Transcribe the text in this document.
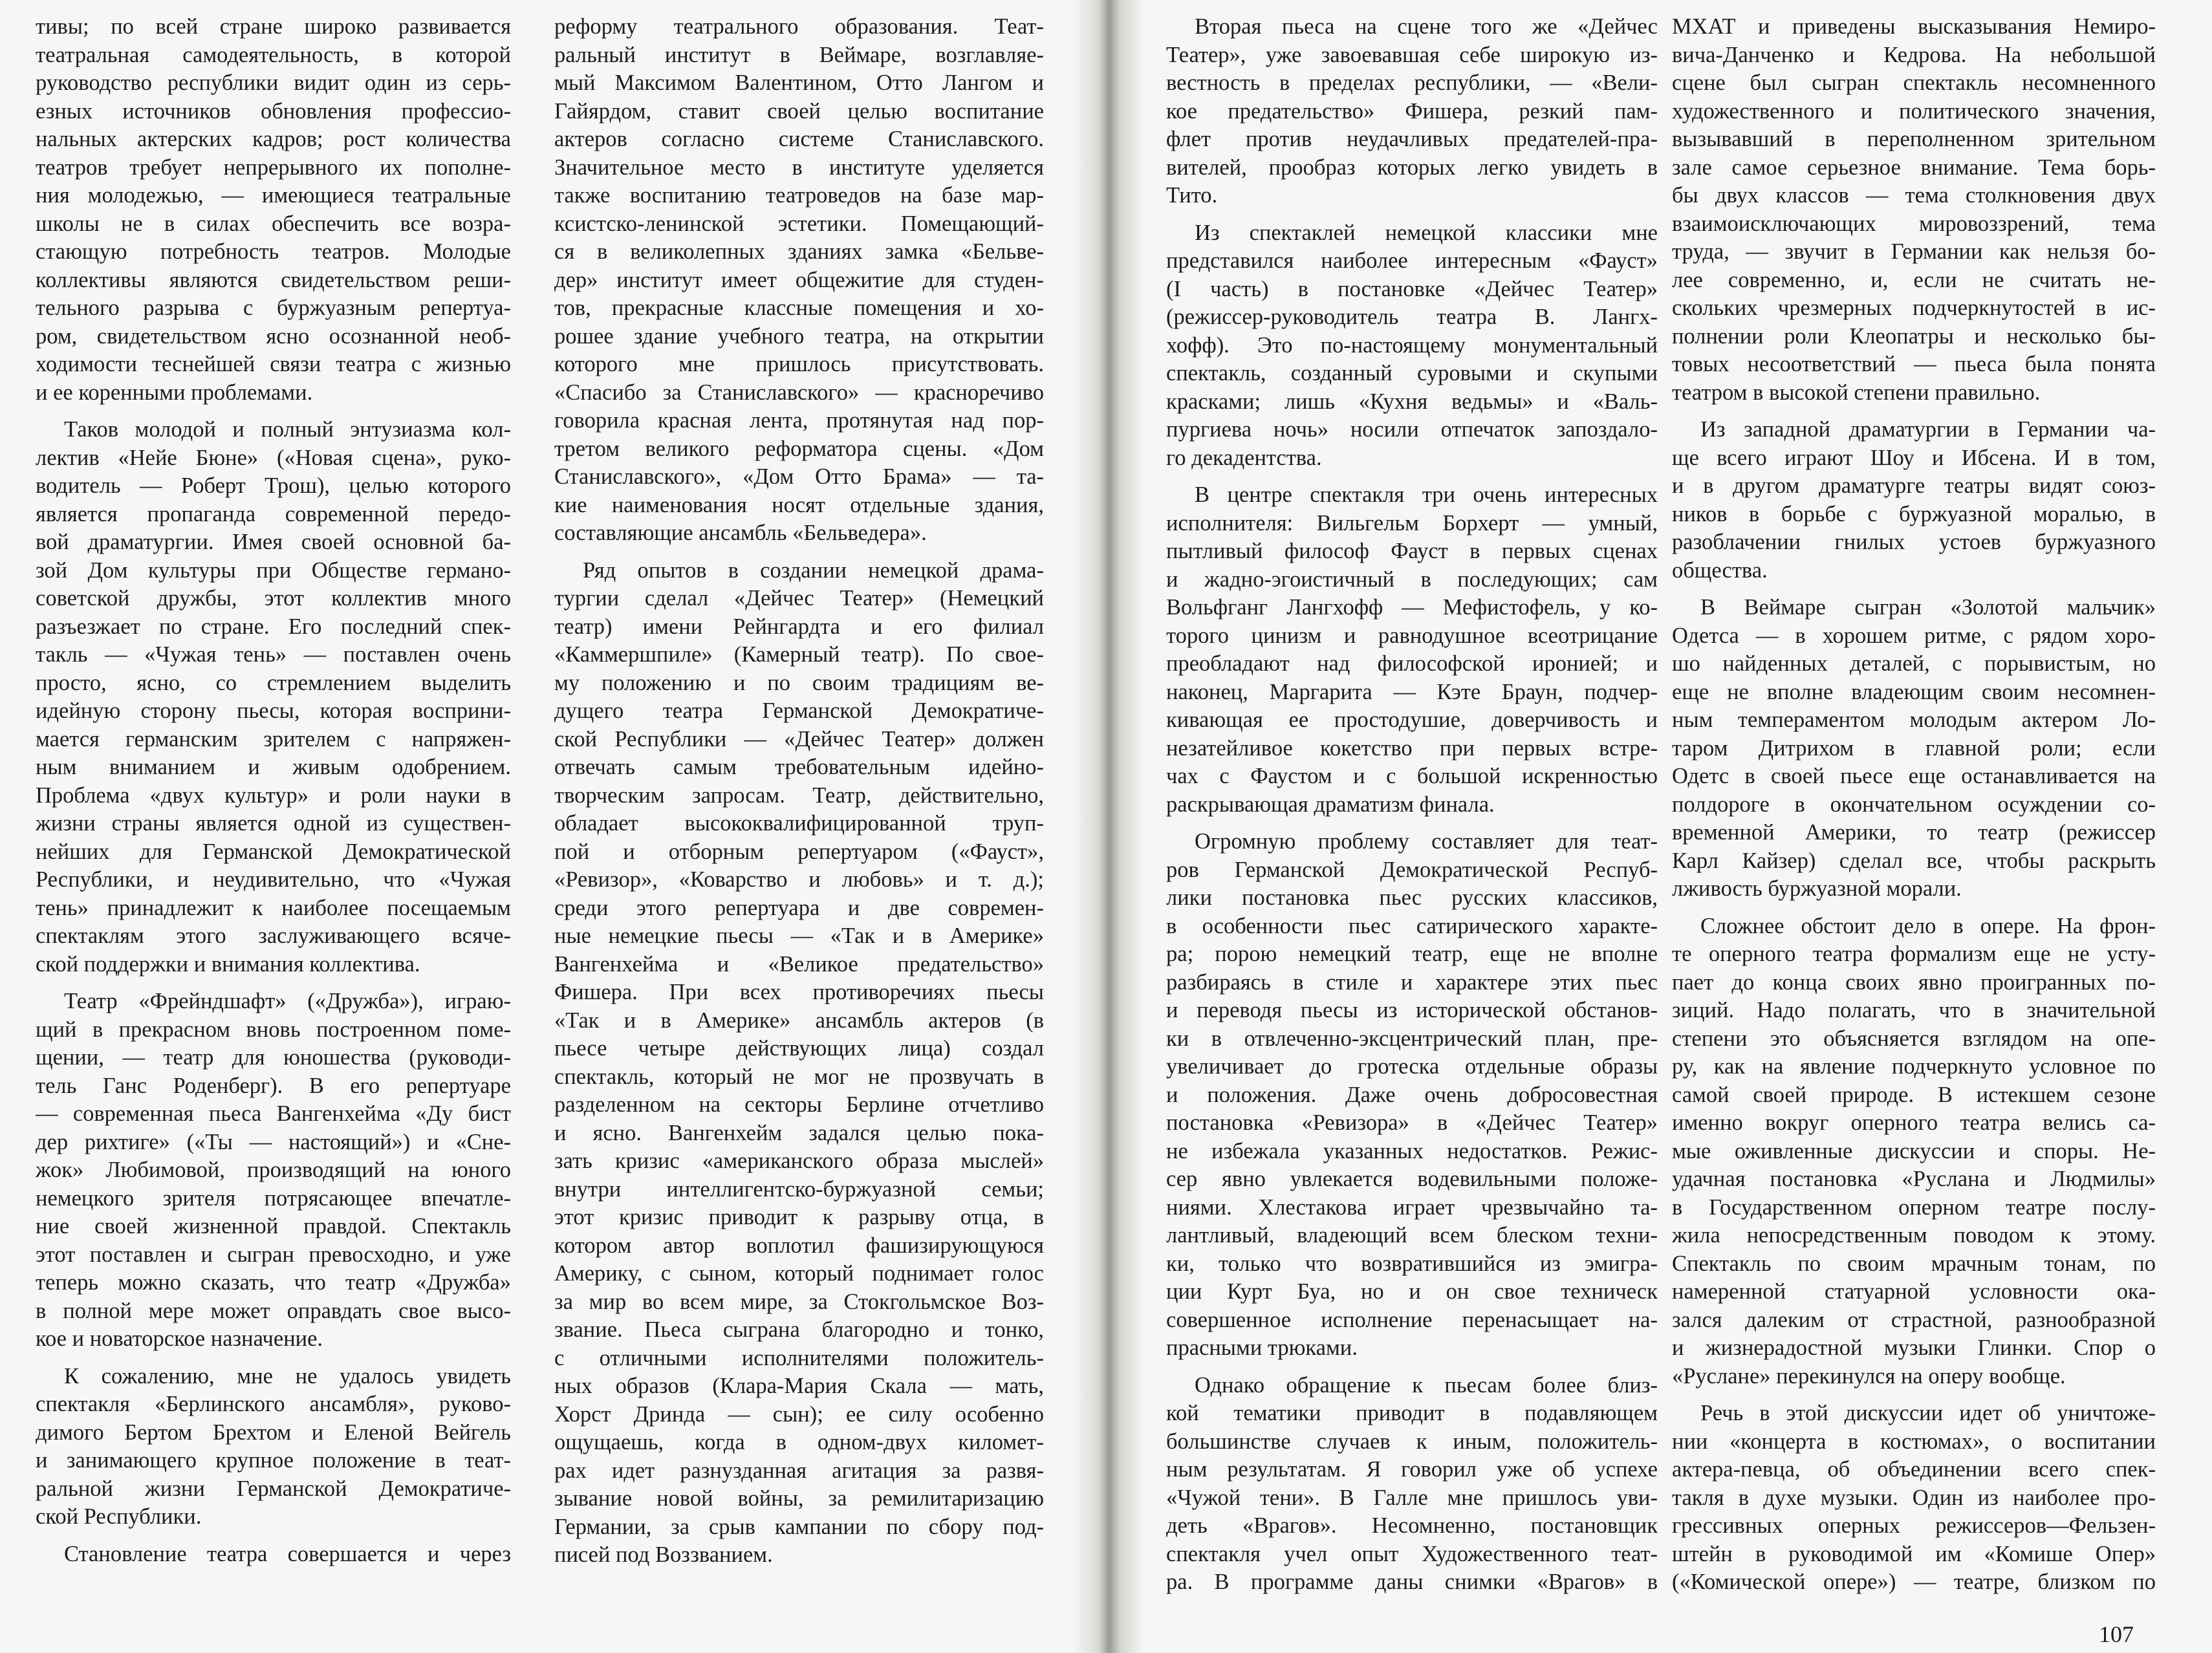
тивы; по всей стране широко развивается
театральная самодеятельность, в которой
руководство республики видит один из серь-
езных источников обновления профессио-
нальных актерских кадров; рост количества
театров требует непрерывного их пополне-
ния молодежью, — имеющиеся театральные
школы не в силах обеспечить все возра-
стающую потребность театров. Молодые
коллективы являются свидетельством реши-
тельного разрыва с буржуазным репертуа-
ром, свидетельством ясно осознанной необ-
ходимости теснейшей связи театра с жизнью
и ее коренными проблемами.
Таков молодой и полный энтузиазма кол-
лектив «Нейе Бюне» («Новая сцена», руко-
водитель — Роберт Трош), целью которого
является пропаганда современной передо-
вой драматургии. Имея своей основной ба-
зой Дом культуры при Обществе германо-
советской дружбы, этот коллектив много
разъезжает по стране. Его последний спек-
такль — «Чужая тень» — поставлен очень
просто, ясно, со стремлением выделить
идейную сторону пьесы, которая восприни-
мается германским зрителем с напряжен-
ным вниманием и живым одобрением.
Проблема «двух культур» и роли науки в
жизни страны является одной из существен-
нейших для Германской Демократической
Республики, и неудивительно, что «Чужая
тень» принадлежит к наиболее посещаемым
спектаклям этого заслуживающего всяче-
ской поддержки и внимания коллектива.
Театр «Фрейндшафт» («Дружба»), играю-
щий в прекрасном вновь построенном поме-
щении, — театр для юношества (руководи-
тель Ганс Роденберг). В его репертуаре
— современная пьеса Вангенхейма «Ду бист
дер рихтиге» («Ты — настоящий») и «Сне-
жок» Любимовой, производящий на юного
немецкого зрителя потрясающее впечатле-
ние своей жизненной правдой. Спектакль
этот поставлен и сыгран превосходно, и уже
теперь можно сказать, что театр «Дружба»
в полной мере может оправдать свое высо-
кое и новаторское назначение.
К сожалению, мне не удалось увидеть
спектакля «Берлинского ансамбля», руково-
димого Бертом Брехтом и Еленой Вейгель
и занимающего крупное положение в теат-
ральной жизни Германской Демократиче-
ской Республики.
Становление театра совершается и через
реформу театрального образования. Теат-
ральный институт в Веймаре, возглавляе-
мый Максимом Валентином, Отто Лангом и
Гайярдом, ставит своей целью воспитание
актеров согласно системе Станиславского.
Значительное место в институте уделяется
также воспитанию театроведов на базе мар-
ксистско-ленинской эстетики. Помещающий-
ся в великолепных зданиях замка «Бельве-
дер» институт имеет общежитие для студен-
тов, прекрасные классные помещения и хо-
рошее здание учебного театра, на открытии
которого мне пришлось присутствовать.
«Спасибо за Станиславского» — красноречиво
говорила красная лента, протянутая над пор-
третом великого реформатора сцены. «Дом
Станиславского», «Дом Отто Брама» — та-
кие наименования носят отдельные здания,
составляющие ансамбль «Бельведера».
Ряд опытов в создании немецкой драма-
тургии сделал «Дейчес Театер» (Немецкий
театр) имени Рейнгардта и его филиал
«Каммершпиле» (Камерный театр). По свое-
му положению и по своим традициям ве-
дущего театра Германской Демократиче-
ской Республики — «Дейчес Театер» должен
отвечать самым требовательным идейно-
творческим запросам. Театр, действительно,
обладает высококвалифицированной труп-
пой и отборным репертуаром («Фауст»,
«Ревизор», «Коварство и любовь» и т. д.);
среди этого репертуара и две современ-
ные немецкие пьесы — «Так и в Америке»
Вангенхейма и «Великое предательство»
Фишера. При всех противоречиях пьесы
«Так и в Америке» ансамбль актеров (в
пьесе четыре действующих лица) создал
спектакль, который не мог не прозвучать в
разделенном на секторы Берлине отчетливо
и ясно. Вангенхейм задался целью пока-
зать кризис «американского образа мыслей»
внутри интеллигентско-буржуазной семьи;
этот кризис приводит к разрыву отца, в
котором автор воплотил фашизирующуюся
Америку, с сыном, который поднимает голос
за мир во всем мире, за Стокгольмское Воз-
звание. Пьеса сыграна благородно и тонко,
с отличными исполнителями положитель-
ных образов (Клара-Мария Скала — мать,
Хорст Дринда — сын); ее силу особенно
ощущаешь, когда в одном-двух километ-
рах идет разнузданная агитация за развя-
зывание новой войны, за ремилитаризацию
Германии, за срыв кампании по сбору под-
писей под Воззванием.
Вторая пьеса на сцене того же «Дейчес
Театер», уже завоевавшая себе широкую из-
вестность в пределах республики, — «Вели-
кое предательство» Фишера, резкий пам-
флет против неудачливых предателей-пра-
вителей, прообраз которых легко увидеть в
Тито.
Из спектаклей немецкой классики мне
представился наиболее интересным «Фауст»
(I часть) в постановке «Дейчес Театер»
(режиссер-руководитель театра В. Лангх-
хофф). Это по-настоящему монументальный
спектакль, созданный суровыми и скупыми
красками; лишь «Кухня ведьмы» и «Валь-
пургиева ночь» носили отпечаток запоздало-
го декадентства.
В центре спектакля три очень интересных
исполнителя: Вильгельм Борхерт — умный,
пытливый философ Фауст в первых сценах
и жадно-эгоистичный в последующих; сам
Вольфганг Лангхофф — Мефистофель, у ко-
торого цинизм и равнодушное всеотрицание
преобладают над философской иронией; и
наконец, Маргарита — Кэте Браун, подчер-
кивающая ее простодушие, доверчивость и
незатейливое кокетство при первых встре-
чах с Фаустом и с большой искренностью
раскрывающая драматизм финала.
Огромную проблему составляет для теат-
ров Германской Демократической Респуб-
лики постановка пьес русских классиков,
в особенности пьес сатирического характе-
ра; порою немецкий театр, еще не вполне
разбираясь в стиле и характере этих пьес
и переводя пьесы из исторической обстанов-
ки в отвлеченно-эксцентрический план, пре-
увеличивает до гротеска отдельные образы
и положения. Даже очень добросовестная
постановка «Ревизора» в «Дейчес Театер»
не избежала указанных недостатков. Режис-
сер явно увлекается водевильными положе-
ниями. Хлестакова играет чрезвычайно та-
лантливый, владеющий всем блеском техни-
ки, только что возвратившийся из эмигра-
ции Курт Буа, но и он свое техническ
совершенное исполнение перенасыщает на-
прасными трюками.
Однако обращение к пьесам более близ-
кой тематики приводит в подавляющем
большинстве случаев к иным, положитель-
ным результатам. Я говорил уже об успехе
«Чужой тени». В Галле мне пришлось уви-
деть «Врагов». Несомненно, постановщик
спектакля учел опыт Художественного теат-
ра. В программе даны снимки «Врагов» в
МХАТ и приведены высказывания Немиро-
вича-Данченко и Кедрова. На небольшой
сцене был сыгран спектакль несомненного
художественного и политического значения,
вызывавший в переполненном зрительном
зале самое серьезное внимание. Тема борь-
бы двух классов — тема столкновения двух
взаимоисключающих мировоззрений, тема
труда, — звучит в Германии как нельзя бо-
лее современно, и, если не считать не-
скольких чрезмерных подчеркнутостей в ис-
полнении роли Клеопатры и несколько бы-
товых несоответствий — пьеса была понята
театром в высокой степени правильно.
Из западной драматургии в Германии ча-
ще всего играют Шоу и Ибсена. И в том,
и в другом драматурге театры видят союз-
ников в борьбе с буржуазной моралью, в
разоблачении гнилых устоев буржуазного
общества.
В Веймаре сыгран «Золотой мальчик»
Одетса — в хорошем ритме, с рядом хоро-
шо найденных деталей, с порывистым, но
еще не вполне владеющим своим несомнен-
ным темпераментом молодым актером Ло-
таром Дитрихом в главной роли; если
Одетс в своей пьесе еще останавливается на
полдороге в окончательном осуждении со-
временной Америки, то театр (режиссер
Карл Кайзер) сделал все, чтобы раскрыть
лживость буржуазной морали.
Сложнее обстоит дело в опере. На фрон-
те оперного театра формализм еще не усту-
пает до конца своих явно проигранных по-
зиций. Надо полагать, что в значительной
степени это объясняется взглядом на опе-
ру, как на явление подчеркнуто условное по
самой своей природе. В истекшем сезоне
именно вокруг оперного театра велись са-
мые оживленные дискуссии и споры. Не-
удачная постановка «Руслана и Людмилы»
в Государственном оперном театре послу-
жила непосредственным поводом к этому.
Спектакль по своим мрачным тонам, по
намеренной статуарной условности ока-
зался далеким от страстной, разнообразной
и жизнерадостной музыки Глинки. Спор о
«Руслане» перекинулся на оперу вообще.
Речь в этой дискуссии идет об уничтоже-
нии «концерта в костюмах», о воспитании
актера-певца, об объединении всего спек-
такля в духе музыки. Один из наиболее про-
грессивных оперных режиссеров—Фельзен-
штейн в руководимой им «Комише Опер»
(«Комической опере») — театре, близком по
107
